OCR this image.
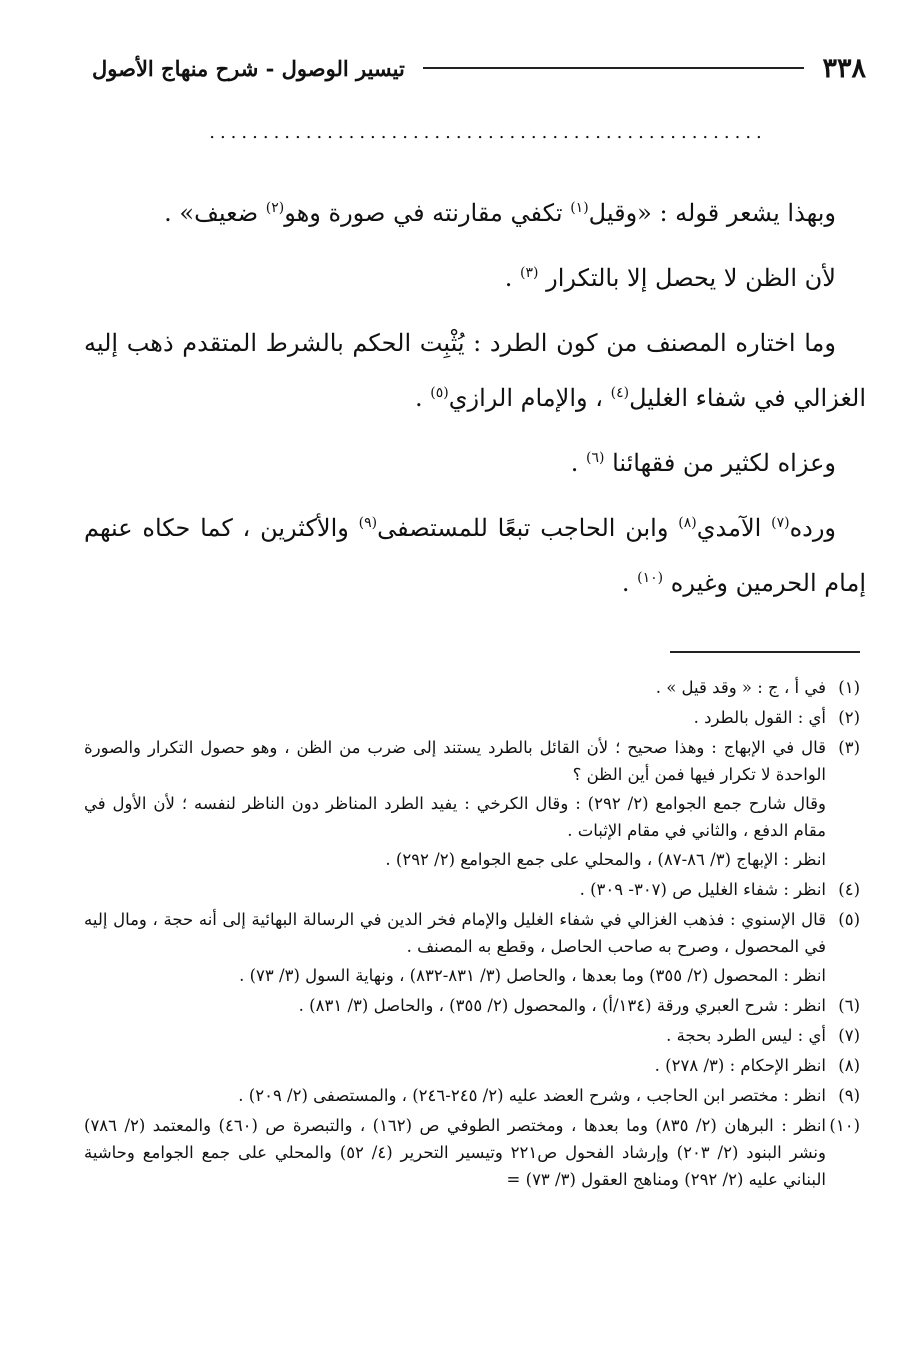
٣٣٨
تيسير الوصول - شرح منهاج الأصول
....................................................

وبهذا يشعر قوله : «وقيل$^{(١)}$ تكفي مقارنته في صورة وهو$^{(٢)}$ ضعيف» .

لأن الظن لا يحصل إلا بالتكرار $^{(٣)}$ .

وما اختاره المصنف من كون الطرد : يُثْبِت الحكم بالشرط المتقدم ذهب إليه الغزالي في شفاء الغليل$^{(٤)}$ ، والإمام الرازي$^{(٥)}$ .

وعزاه لكثير من فقهائنا $^{(٦)}$ .

ورده$^{(٧)}$ الآمدي$^{(٨)}$ وابن الحاجب تبعًا للمستصفى$^{(٩)}$ والأكثرين ، كما حكاه عنهم إمام الحرمين وغيره $^{(١٠)}$ .

(١)
في أ ، ج : « وقد قيل » .
(٢)
أي : القول بالطرد .
(٣)
قال في الإبهاج : وهذا صحيح ؛ لأن القائل بالطرد يستند إلى ضرب من الظن ، وهو حصول التكرار والصورة الواحدة لا تكرار فيها فمن أين الظن ؟
وقال شارح جمع الجوامع (٢/ ٢٩٢) : وقال الكرخي : يفيد الطرد المناظر دون الناظر لنفسه ؛ لأن الأول في مقام الدفع ، والثاني في مقام الإثبات .
انظر : الإبهاج (٣/ ٨٦-٨٧) ، والمحلي على جمع الجوامع (٢/ ٢٩٢) .
(٤)
انظر : شفاء الغليل ص (٣٠٧- ٣٠٩) .
(٥)
قال الإسنوي : فذهب الغزالي في شفاء الغليل والإمام فخر الدين في الرسالة البهائية إلى أنه حجة ، ومال إليه في المحصول ، وصرح به صاحب الحاصل ، وقطع به المصنف .
انظر : المحصول (٢/ ٣٥٥) وما بعدها ، والحاصل (٣/ ٨٣١-٨٣٢) ، ونهاية السول (٣/ ٧٣) .
(٦)
انظر : شرح العبري ورقة (١٣٤/أ) ، والمحصول (٢/ ٣٥٥) ، والحاصل (٣/ ٨٣١) .
(٧)
أي : ليس الطرد بحجة .
(٨)
انظر الإحكام : (٣/ ٢٧٨) .
(٩)
انظر : مختصر ابن الحاجب ، وشرح العضد عليه (٢/ ٢٤٥-٢٤٦) ، والمستصفى (٢/ ٢٠٩) .
(١٠)
انظر : البرهان (٢/ ٨٣٥) وما بعدها ، ومختصر الطوفي ص (١٦٢) ، والتبصرة ص (٤٦٠) والمعتمد (٢/ ٧٨٦) ونشر البنود (٢/ ٢٠٣) وإرشاد الفحول ص٢٢١ وتيسير التحرير (٤/ ٥٢) والمحلي على جمع الجوامع وحاشية البناني عليه (٢/ ٢٩٢) ومناهج العقول (٣/ ٧٣) =
